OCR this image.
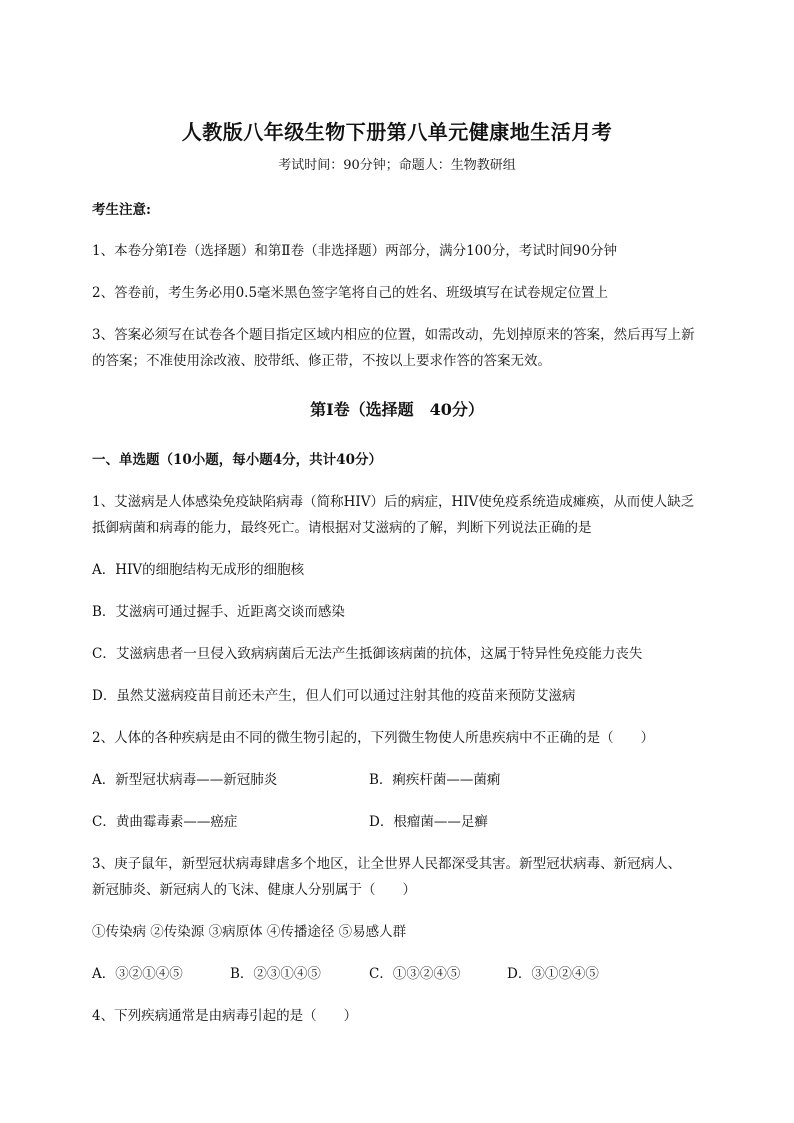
人教版八年级生物下册第八单元健康地生活月考
考试时间：90分钟；命题人：生物教研组
考生注意:
1、本卷分第Ⅰ卷（选择题）和第Ⅱ卷（非选择题）两部分，满分100分，考试时间90分钟
2、答卷前，考生务必用0.5毫米黑色签字笔将自己的姓名、班级填写在试卷规定位置上
3、答案必须写在试卷各个题目指定区域内相应的位置，如需改动，先划掉原来的答案，然后再写上新
的答案；不准使用涂改液、胶带纸、修正带，不按以上要求作答的答案无效。
第Ⅰ卷（选择题　40分）
一、单选题（10小题，每小题4分，共计40分）
1、艾滋病是人体感染免疫缺陷病毒（简称HIV）后的病症，HIV使免疫系统造成瘫痪，从而使人缺乏
抵御病菌和病毒的能力，最终死亡。请根据对艾滋病的了解，判断下列说法正确的是
A．HIV的细胞结构无成形的细胞核
B．艾滋病可通过握手、近距离交谈而感染
C．艾滋病患者一旦侵入致病病菌后无法产生抵御该病菌的抗体，这属于特异性免疫能力丧失
D．虽然艾滋病疫苗目前还未产生，但人们可以通过注射其他的疫苗来预防艾滋病
2、人体的各种疾病是由不同的微生物引起的，下列微生物使人所患疾病中不正确的是（　　）
A．新型冠状病毒——新冠肺炎	B．痢疾杆菌——菌痢
C．黄曲霉毒素——癌症	D．根瘤菌——足癣
3、庚子鼠年，新型冠状病毒肆虐多个地区，让全世界人民都深受其害。新型冠状病毒、新冠病人、
新冠肺炎、新冠病人的飞沫、健康人分别属于（　　）
①传染病 ②传染源 ③病原体 ④传播途径 ⑤易感人群
A．③②①④⑤	B．②③①④⑤	C．①③②④⑤	D．③①②④⑤
4、下列疾病通常是由病毒引起的是（　　）
